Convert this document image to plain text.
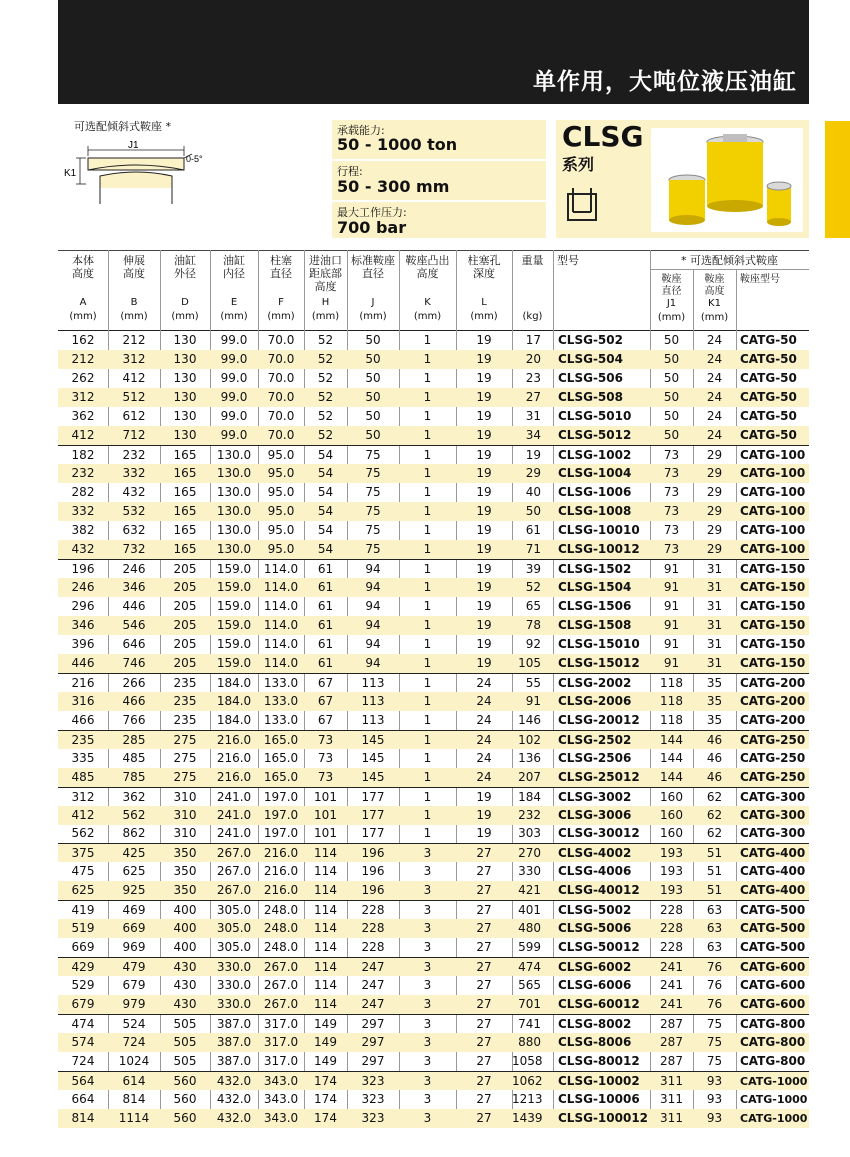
单作用，大吨位液压油缸
可选配倾斜式鞍座 *
J1
K1
0-5°
承载能力:
50 - 1000 ton
行程:
50 - 300 mm
最大工作压力:
700 bar
CLSG
系列
本体
高度
A
(mm)
伸展
高度
B
(mm)
油缸
外径
D
(mm)
油缸
内径
E
(mm)
柱塞
直径
F
(mm)
进油口
距底部
高度
H
(mm)
标准鞍座
直径
J
(mm)
鞍座凸出
高度
K
(mm)
柱塞孔
深度
L
(mm)
重量
(kg)
型号	* 可选配倾斜式鞍座
鞍座
直径
J1
(mm)
鞍座
高度
K1
(mm)
鞍座型号
162	212	130	99.0	70.0	52	50	1	19	17	CLSG-502	50	24	CATG-50
212	312	130	99.0	70.0	52	50	1	19	20	CLSG-504	50	24	CATG-50
262	412	130	99.0	70.0	52	50	1	19	23	CLSG-506	50	24	CATG-50
312	512	130	99.0	70.0	52	50	1	19	27	CLSG-508	50	24	CATG-50
362	612	130	99.0	70.0	52	50	1	19	31	CLSG-5010	50	24	CATG-50
412	712	130	99.0	70.0	52	50	1	19	34	CLSG-5012	50	24	CATG-50
182	232	165	130.0	95.0	54	75	1	19	19	CLSG-1002	73	29	CATG-100
232	332	165	130.0	95.0	54	75	1	19	29	CLSG-1004	73	29	CATG-100
282	432	165	130.0	95.0	54	75	1	19	40	CLSG-1006	73	29	CATG-100
332	532	165	130.0	95.0	54	75	1	19	50	CLSG-1008	73	29	CATG-100
382	632	165	130.0	95.0	54	75	1	19	61	CLSG-10010	73	29	CATG-100
432	732	165	130.0	95.0	54	75	1	19	71	CLSG-10012	73	29	CATG-100
196	246	205	159.0	114.0	61	94	1	19	39	CLSG-1502	91	31	CATG-150
246	346	205	159.0	114.0	61	94	1	19	52	CLSG-1504	91	31	CATG-150
296	446	205	159.0	114.0	61	94	1	19	65	CLSG-1506	91	31	CATG-150
346	546	205	159.0	114.0	61	94	1	19	78	CLSG-1508	91	31	CATG-150
396	646	205	159.0	114.0	61	94	1	19	92	CLSG-15010	91	31	CATG-150
446	746	205	159.0	114.0	61	94	1	19	105	CLSG-15012	91	31	CATG-150
216	266	235	184.0	133.0	67	113	1	24	55	CLSG-2002	118	35	CATG-200
316	466	235	184.0	133.0	67	113	1	24	91	CLSG-2006	118	35	CATG-200
466	766	235	184.0	133.0	67	113	1	24	146	CLSG-20012	118	35	CATG-200
235	285	275	216.0	165.0	73	145	1	24	102	CLSG-2502	144	46	CATG-250
335	485	275	216.0	165.0	73	145	1	24	136	CLSG-2506	144	46	CATG-250
485	785	275	216.0	165.0	73	145	1	24	207	CLSG-25012	144	46	CATG-250
312	362	310	241.0	197.0	101	177	1	19	184	CLSG-3002	160	62	CATG-300
412	562	310	241.0	197.0	101	177	1	19	232	CLSG-3006	160	62	CATG-300
562	862	310	241.0	197.0	101	177	1	19	303	CLSG-30012	160	62	CATG-300
375	425	350	267.0	216.0	114	196	3	27	270	CLSG-4002	193	51	CATG-400
475	625	350	267.0	216.0	114	196	3	27	330	CLSG-4006	193	51	CATG-400
625	925	350	267.0	216.0	114	196	3	27	421	CLSG-40012	193	51	CATG-400
419	469	400	305.0	248.0	114	228	3	27	401	CLSG-5002	228	63	CATG-500
519	669	400	305.0	248.0	114	228	3	27	480	CLSG-5006	228	63	CATG-500
669	969	400	305.0	248.0	114	228	3	27	599	CLSG-50012	228	63	CATG-500
429	479	430	330.0	267.0	114	247	3	27	474	CLSG-6002	241	76	CATG-600
529	679	430	330.0	267.0	114	247	3	27	565	CLSG-6006	241	76	CATG-600
679	979	430	330.0	267.0	114	247	3	27	701	CLSG-60012	241	76	CATG-600
474	524	505	387.0	317.0	149	297	3	27	741	CLSG-8002	287	75	CATG-800
574	724	505	387.0	317.0	149	297	3	27	880	CLSG-8006	287	75	CATG-800
724	1024	505	387.0	317.0	149	297	3	27	1058	CLSG-80012	287	75	CATG-800
564	614	560	432.0	343.0	174	323	3	27	1062	CLSG-10002	311	93	CATG-1000
664	814	560	432.0	343.0	174	323	3	27	1213	CLSG-10006	311	93	CATG-1000
814	1114	560	432.0	343.0	174	323	3	27	1439	CLSG-100012	311	93	CATG-1000
